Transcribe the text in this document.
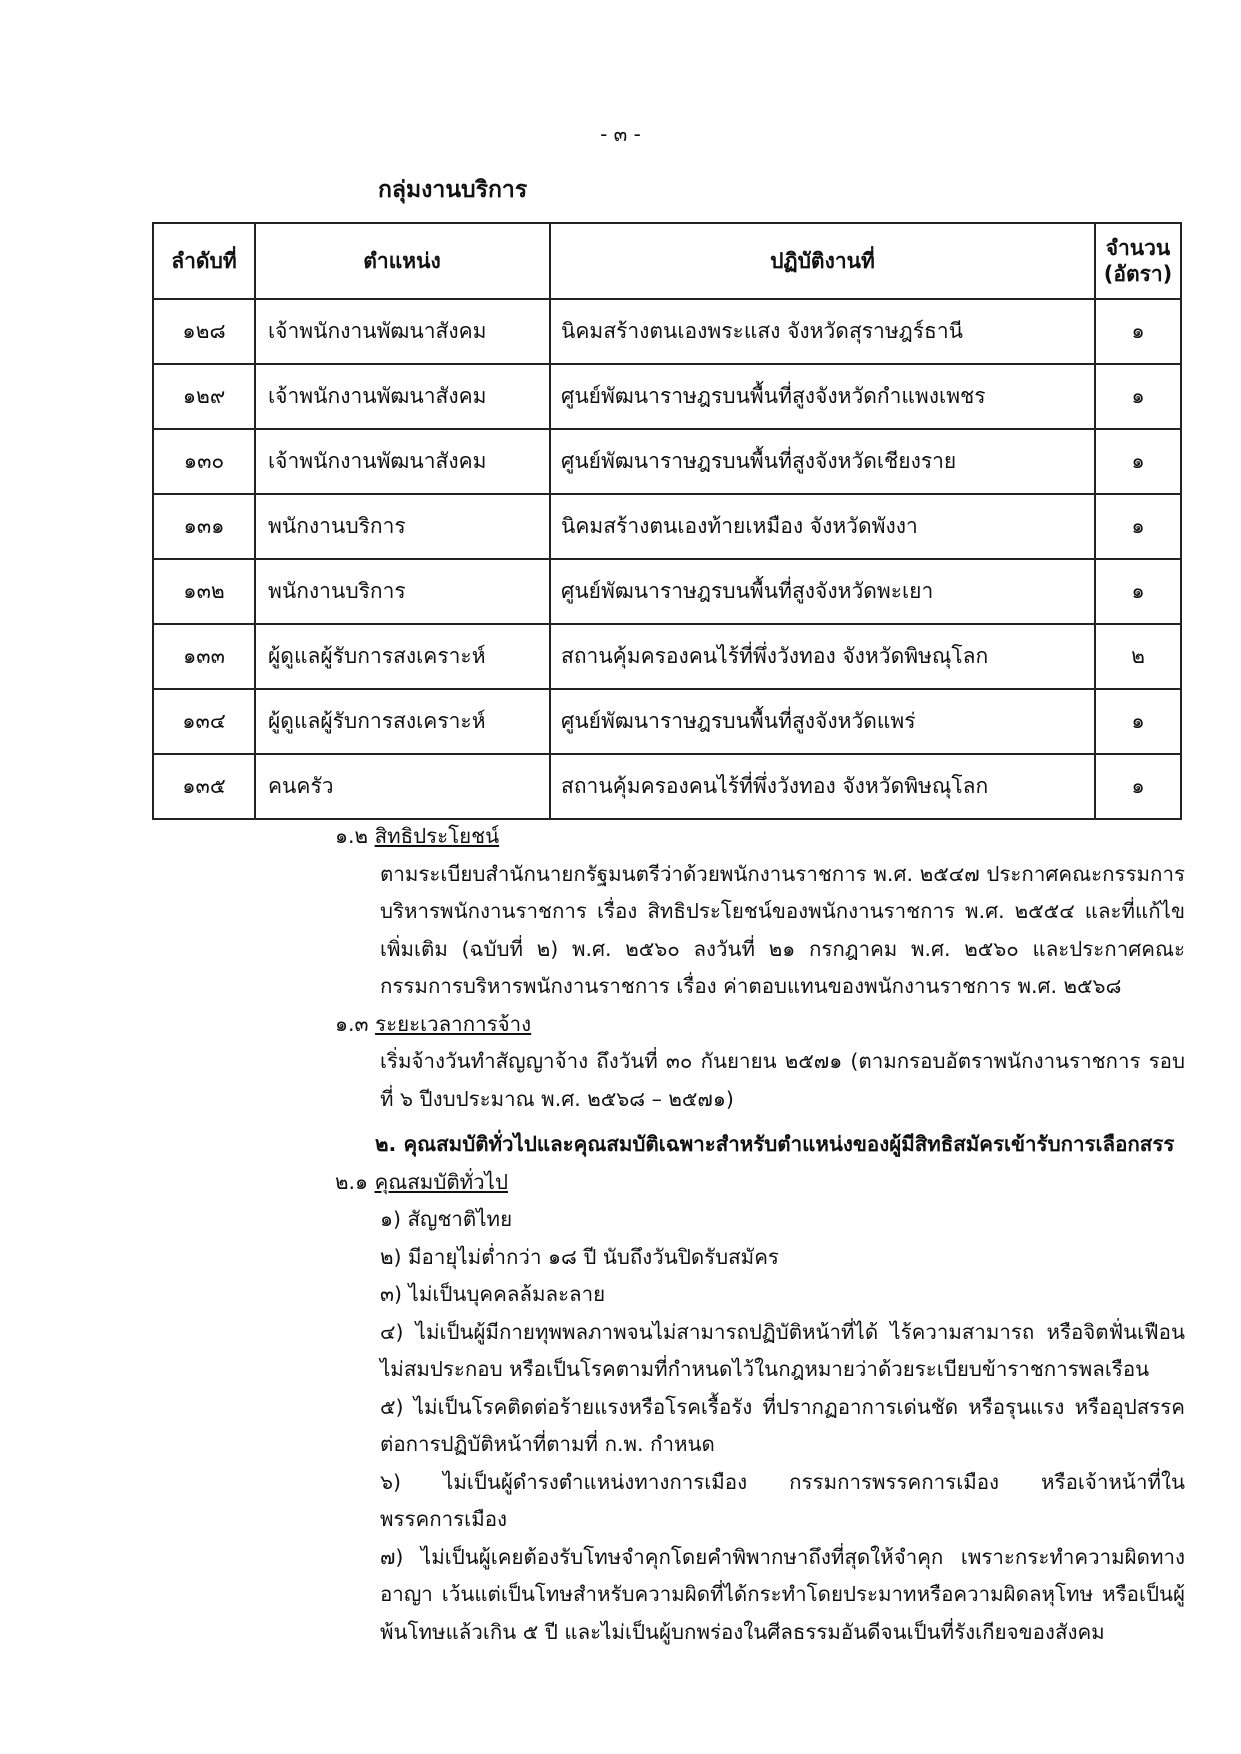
- ๓ -
กลุ่มงานบริการ
ลำดับที่	ตำแหน่ง	ปฏิบัติงานที่	จำนวน
(อัตรา)

๑๒๘	เจ้าพนักงานพัฒนาสังคม	นิคมสร้างตนเองพระแสง จังหวัดสุราษฎร์ธานี	๑
๑๒๙	เจ้าพนักงานพัฒนาสังคม	ศูนย์พัฒนาราษฎรบนพื้นที่สูงจังหวัดกำแพงเพชร	๑
๑๓๐	เจ้าพนักงานพัฒนาสังคม	ศูนย์พัฒนาราษฎรบนพื้นที่สูงจังหวัดเชียงราย	๑
๑๓๑	พนักงานบริการ	นิคมสร้างตนเองท้ายเหมือง จังหวัดพังงา	๑
๑๓๒	พนักงานบริการ	ศูนย์พัฒนาราษฎรบนพื้นที่สูงจังหวัดพะเยา	๑
๑๓๓	ผู้ดูแลผู้รับการสงเคราะห์	สถานคุ้มครองคนไร้ที่พึ่งวังทอง จังหวัดพิษณุโลก	๒
๑๓๔	ผู้ดูแลผู้รับการสงเคราะห์	ศูนย์พัฒนาราษฎรบนพื้นที่สูงจังหวัดแพร่	๑
๑๓๕	คนครัว	สถานคุ้มครองคนไร้ที่พึ่งวังทอง จังหวัดพิษณุโลก	๑

๑.๒ สิทธิประโยชน์

ตามระเบียบสำนักนายกรัฐมนตรีว่าด้วยพนักงานราชการ พ.ศ. ๒๕๔๗ ประกาศคณะกรรมการบริหารพนักงานราชการ เรื่อง สิทธิประโยชน์ของพนักงานราชการ พ.ศ. ๒๕๕๔ และที่แก้ไขเพิ่มเติม (ฉบับที่ ๒) พ.ศ. ๒๕๖๐ ลงวันที่ ๒๑ กรกฎาคม พ.ศ. ๒๕๖๐ และประกาศคณะกรรมการบริหารพนักงานราชการ เรื่อง ค่าตอบแทนของพนักงานราชการ พ.ศ. ๒๕๖๘

๑.๓ ระยะเวลาการจ้าง

เริ่มจ้างวันทำสัญญาจ้าง ถึงวันที่ ๓๐ กันยายน ๒๕๗๑ (ตามกรอบอัตราพนักงานราชการ รอบที่ ๖ ปีงบประมาณ พ.ศ. ๒๕๖๘ – ๒๕๗๑)

๒. คุณสมบัติทั่วไปและคุณสมบัติเฉพาะสำหรับตำแหน่งของผู้มีสิทธิสมัครเข้ารับการเลือกสรร

๒.๑ คุณสมบัติทั่วไป

๑) สัญชาติไทย

๒) มีอายุไม่ต่ำกว่า ๑๘ ปี นับถึงวันปิดรับสมัคร

๓) ไม่เป็นบุคคลล้มละลาย

๔) ไม่เป็นผู้มีกายทุพพลภาพจนไม่สามารถปฏิบัติหน้าที่ได้ ไร้ความสามารถ หรือจิตฟั่นเฟือนไม่สมประกอบ หรือเป็นโรคตามที่กำหนดไว้ในกฎหมายว่าด้วยระเบียบข้าราชการพลเรือน

๕) ไม่เป็นโรคติดต่อร้ายแรงหรือโรคเรื้อรัง ที่ปรากฏอาการเด่นชัด หรือรุนแรง หรืออุปสรรคต่อการปฏิบัติหน้าที่ตามที่ ก.พ. กำหนด

๖) ไม่เป็นผู้ดำรงตำแหน่งทางการเมือง กรรมการพรรคการเมือง หรือเจ้าหน้าที่ในพรรคการเมือง

๗) ไม่เป็นผู้เคยต้องรับโทษจำคุกโดยคำพิพากษาถึงที่สุดให้จำคุก เพราะกระทำความผิดทางอาญา เว้นแต่เป็นโทษสำหรับความผิดที่ได้กระทำโดยประมาทหรือความผิดลหุโทษ หรือเป็นผู้พ้นโทษแล้วเกิน ๕ ปี และไม่เป็นผู้บกพร่องในศีลธรรมอันดีจนเป็นที่รังเกียจของสังคม
